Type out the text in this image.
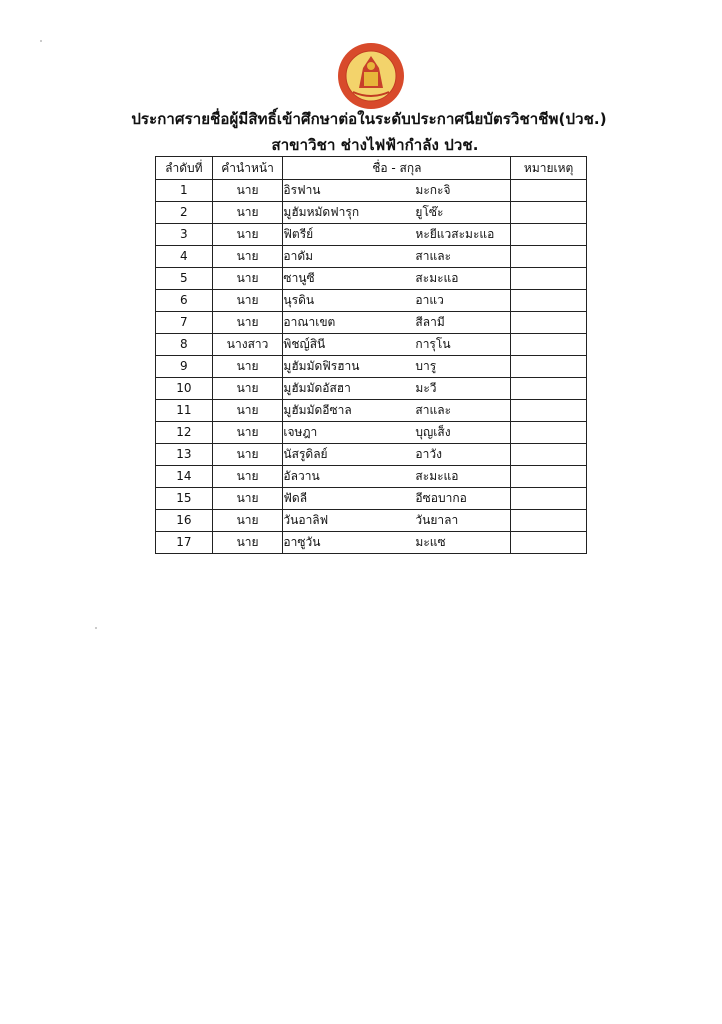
ประกาศรายชื่อผู้มีสิทธิ์เข้าศึกษาต่อในระดับประกาศนียบัตรวิชาชีพ(ปวช.)
สาขาวิชา ช่างไฟฟ้ากำลัง ปวช.
ลำดับที่	คำนำหน้า	ชื่อ - สกุล	หมายเหตุ
1	นาย	อิรฟาน มะกะจิ	
2	นาย	มูฮัมหมัดฟารุก ยูโซ๊ะ	
3	นาย	ฟิตรีย์ หะยีแวสะมะแอ	
4	นาย	อาดัม สาและ	
5	นาย	ซานูซี สะมะแอ	
6	นาย	นุรดิน อาแว	
7	นาย	อาณาเขต สีลามี	
8	นางสาว	พิชญ์สินี การุโน	
9	นาย	มูฮัมมัดฟิรฮาน บารู	
10	นาย	มูฮัมมัดอัสฮา มะวี	
11	นาย	มูฮัมมัดอีซาล สาและ	
12	นาย	เจษฎา บุญเส็ง	
13	นาย	นัสรูดิลย์ อาวัง	
14	นาย	อัลวาน สะมะแอ	
15	นาย	ฟัดลี อีซอบากอ	
16	นาย	วันอาลิฟ วันยาลา	
17	นาย	อาซูวัน มะแซ	
